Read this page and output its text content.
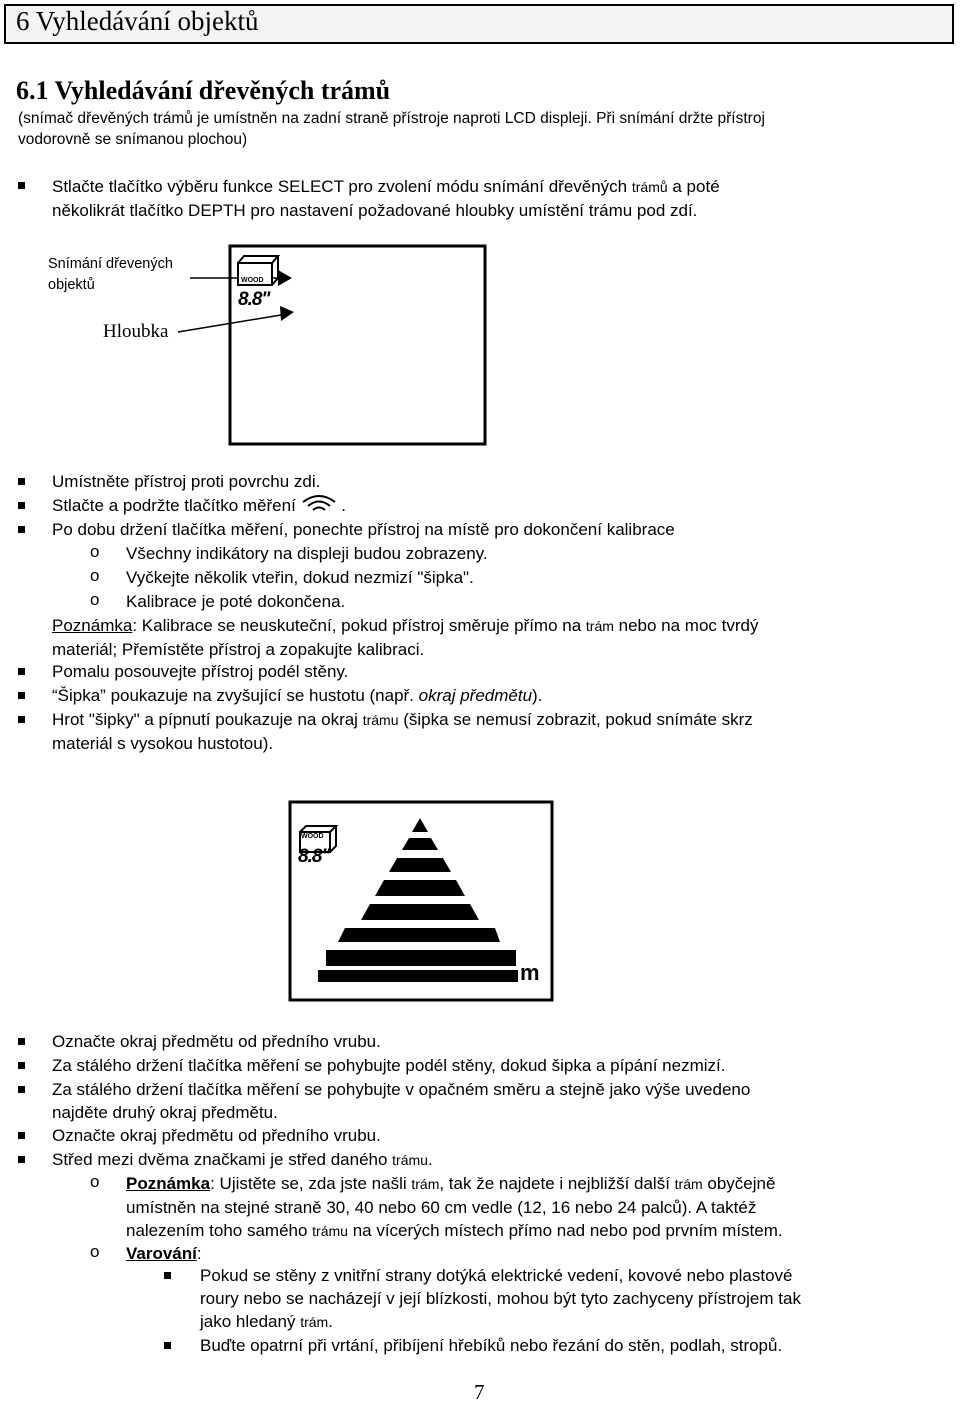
6 Vyhledávání objektů
6.1 Vyhledávání dřevěných trámů

(snímač dřevěných trámů je umístněn na zadní straně přístroje naproti LCD displeji. Při snímání držte přístroj

vodorovně se snímanou plochou)

Stlačte tlačítko výběru funkce SELECT pro zvolení módu snímání dřevěných trámů a poté

několikrát tlačítko DEPTH pro nastavení požadované hloubky umístění trámu pod zdí.

Snímání dřevených

objektů

Hloubka
WOOD
8.8"
Umístněte přístroj proti povrchu zdi.
Stlačte a podržte tlačítko měření	.
Po dobu držení tlačítka měření, ponechte přístroj na místě pro dokončení kalibrace
o Všechny indikátory na displeji budou zobrazeny.
o Vyčkejte několik vteřin, dokud nezmizí "šipka".
o Kalibrace je poté dokončena.

Poznámka: Kalibrace se neuskuteční, pokud přístroj směruje přímo na trám nebo na moc tvrdý

materiál; Přemístěte přístroj a zopakujte kalibraci.

Pomalu posouvejte přístroj podél stěny.
“Šipka” poukazuje na zvyšující se hustotu (např. okraj předmětu).

Hrot "šipky" a pípnutí poukazuje na okraj trámu (šipka se nemusí zobrazit, pokud snímáte skrz

materiál s vysokou hustotou).

WOOD
8.8"
m
Označte okraj předmětu od předního vrubu.
Za stálého držení tlačítka měření se pohybujte podél stěny, dokud šipka a pípání nezmizí.

Za stálého držení tlačítka měření se pohybujte v opačném směru a stejně jako výše uvedeno

najděte druhý okraj předmětu.

Označte okraj předmětu od předního vrubu.
Střed mezi dvěma značkami je střed daného trámu.
o Poznámka: Ujistěte se, zda jste našli trám, tak že najdete i nejbližší další trám obyčejně

umístněn na stejné straně 30, 40 nebo 60 cm vedle (12, 16 nebo 24 palců). A taktéž

nalezením toho samého trámu na vícerých místech přímo nad nebo pod prvním místem.

o Varování:

Pokud se stěny z vnitřní strany dotýká elektrické vedení, kovové nebo plastové

roury nebo se nacházejí v její blízkosti, mohou být tyto zachyceny přístrojem tak

jako hledaný trám.

Buďte opatrní při vrtání, přibíjení hřebíků nebo řezání do stěn, podlah, stropů.
7
